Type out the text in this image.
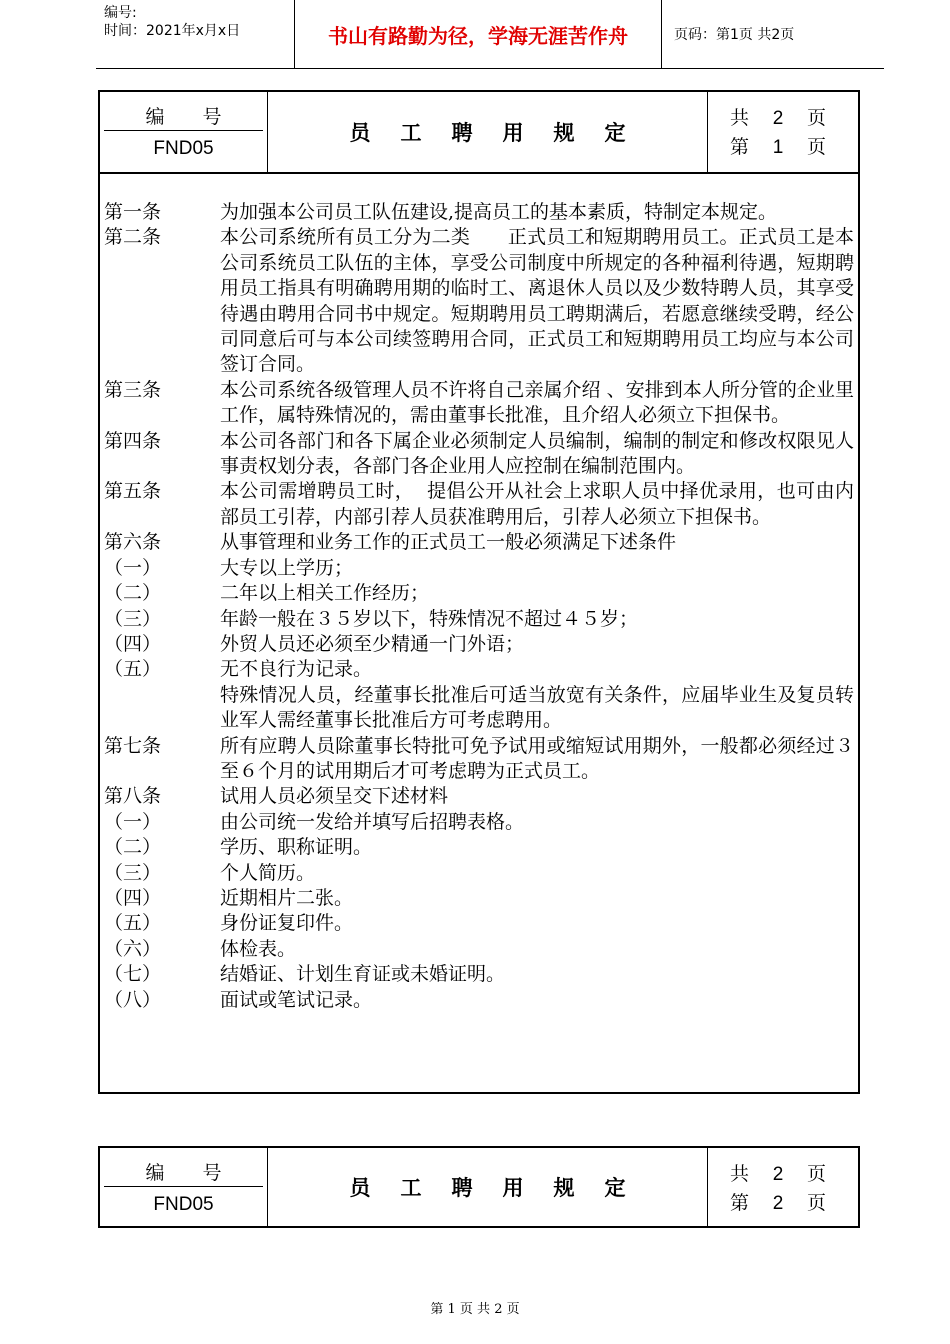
编号:
时间：2021年x月x日	书山有路勤为径，学海无涯苦作舟	页码：第1页 共2页
编号
FND05
员工聘用规定
共 2 页
第 1 页
第一条	为加强本公司员工队伍建设,提高员工的基本素质，特制定本规定。
第二条	本公司系统所有员工分为二类      正式员工和短期聘用员工。正式员工是本公司系统员工队伍的主体，享受公司制度中所规定的各种福利待遇，短期聘用员工指具有明确聘用期的临时工、离退休人员以及少数特聘人员，其享受待遇由聘用合同书中规定。短期聘用员工聘期满后，若愿意继续受聘，经公司同意后可与本公司续签聘用合同，正式员工和短期聘用员工均应与本公司签订合同。
第三条	本公司系统各级管理人员不许将自己亲属介绍 、安排到本人所分管的企业里工作，属特殊情况的，需由董事长批准，且介绍人必须立下担保书。
第四条	本公司各部门和各下属企业必须制定人员编制，编制的制定和修改权限见人事责权划分表，各部门各企业用人应控制在编制范围内。
第五条	本公司需增聘员工时，  提倡公开从社会上求职人员中择优录用，也可由内部员工引荐，内部引荐人员获准聘用后，引荐人必须立下担保书。
第六条	从事管理和业务工作的正式员工一般必须满足下述条件
（一）	大专以上学历；
（二）	二年以上相关工作经历；
（三）	年龄一般在３５岁以下，特殊情况不超过４５岁；
（四）	外贸人员还必须至少精通一门外语；
（五）	无不良行为记录。
特殊情况人员，经董事长批准后可适当放宽有关条件，应届毕业生及复员转业军人需经董事长批准后方可考虑聘用。
第七条	所有应聘人员除董事长特批可免予试用或缩短试用期外，一般都必须经过３至６个月的试用期后才可考虑聘为正式员工。
第八条	试用人员必须呈交下述材料
（一）	由公司统一发给并填写后招聘表格。
（二）	学历、职称证明。
（三）	个人简历。
（四）	近期相片二张。
（五）	身份证复印件。
（六）	体检表。
（七）	结婚证、计划生育证或未婚证明。
（八）	面试或笔试记录。
编号
FND05
员工聘用规定
共 2 页
第 2 页
第 1 页 共 2 页
